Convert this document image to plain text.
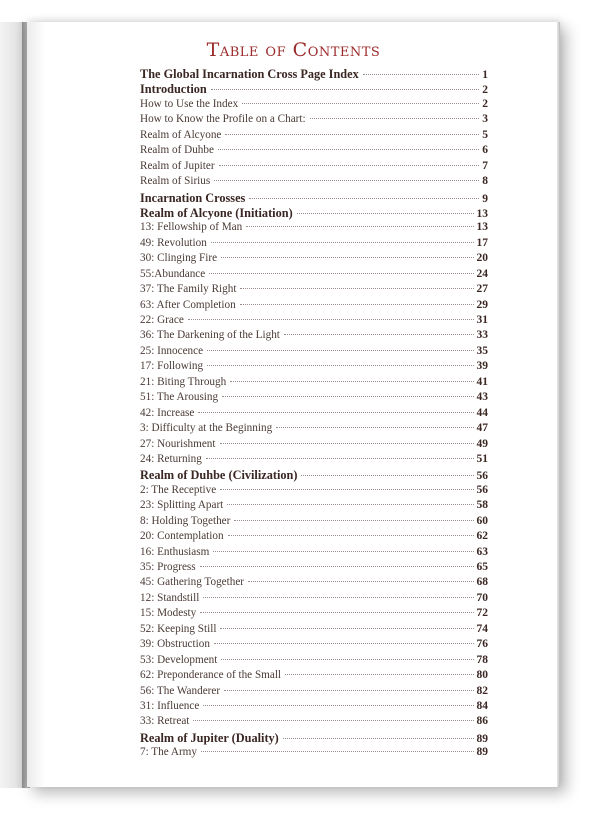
Table of Contents
The Global Incarnation Cross Page Index	1
Introduction	2
How to Use the Index	2
How to Know the Profile on a Chart:	3
Realm of Alcyone	5
Realm of Duhbe	6
Realm of Jupiter	7
Realm of Sirius	8
Incarnation Crosses	9
Realm of Alcyone (Initiation)	13
13: Fellowship of Man	13
49: Revolution	17
30: Clinging Fire	20
55:Abundance	24
37: The Family Right	27
63: After Completion	29
22: Grace	31
36: The Darkening of the Light	33
25: Innocence	35
17: Following	39
21: Biting Through	41
51: The Arousing	43
42: Increase	44
3: Difficulty at the Beginning	47
27: Nourishment	49
24: Returning	51
Realm of Duhbe (Civilization)	56
2: The Receptive	56
23: Splitting Apart	58
8: Holding Together	60
20: Contemplation	62
16: Enthusiasm	63
35: Progress	65
45: Gathering Together	68
12: Standstill	70
15: Modesty	72
52: Keeping Still	74
39: Obstruction	76
53: Development	78
62: Preponderance of the Small	80
56: The Wanderer	82
31: Influence	84
33: Retreat	86
Realm of Jupiter (Duality)	89
7: The Army	89
